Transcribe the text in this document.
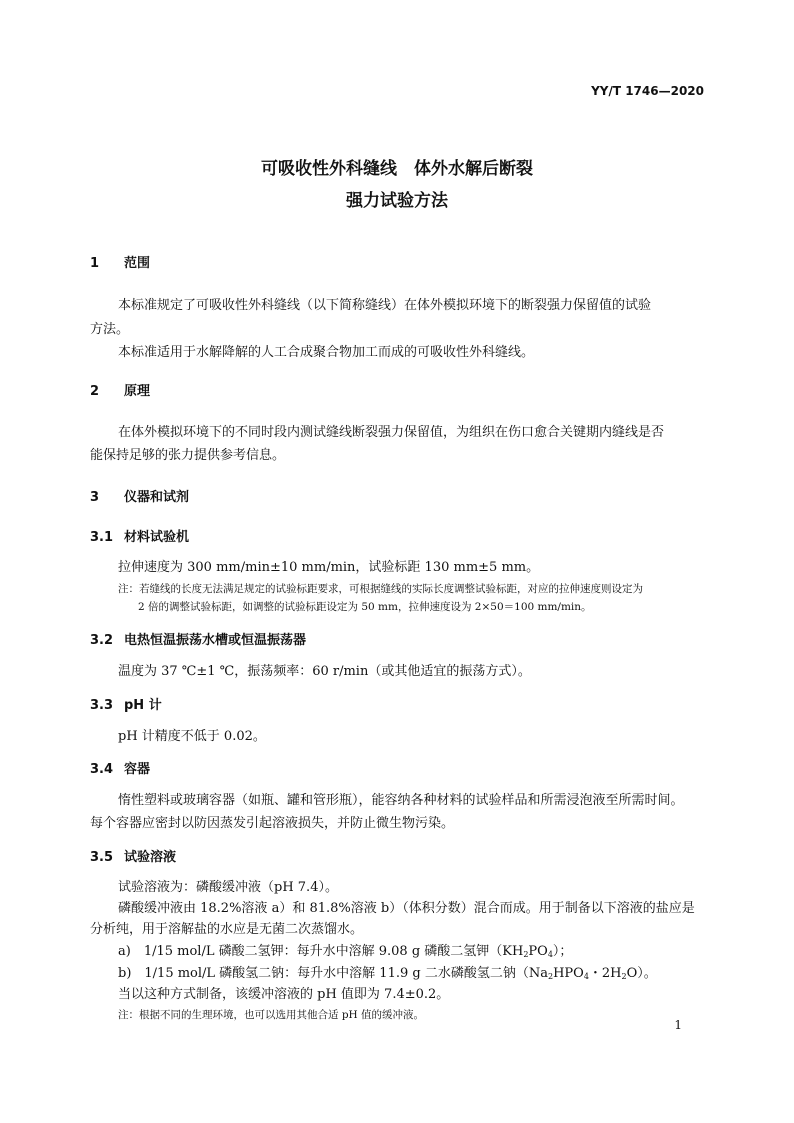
YY/T 1746—2020
可吸收性外科缝线　体外水解后断裂
强力试验方法
1 范围
本标准规定了可吸收性外科缝线（以下简称缝线）在体外模拟环境下的断裂强力保留值的试验
方法。
本标准适用于水解降解的人工合成聚合物加工而成的可吸收性外科缝线。
2 原理
在体外模拟环境下的不同时段内测试缝线断裂强力保留值，为组织在伤口愈合关键期内缝线是否
能保持足够的张力提供参考信息。
3 仪器和试剂
3.1 材料试验机
拉伸速度为 300 mm/min±10 mm/min，试验标距 130 mm±5 mm。
注：若缝线的长度无法满足规定的试验标距要求，可根据缝线的实际长度调整试验标距，对应的拉伸速度则设定为
2 倍的调整试验标距，如调整的试验标距设定为 50 mm，拉伸速度设为 2×50＝100 mm/min。
3.2 电热恒温振荡水槽或恒温振荡器
温度为 37 ℃±1 ℃，振荡频率：60 r/min（或其他适宜的振荡方式）。
3.3 pH 计
pH 计精度不低于 0.02。
3.4 容器
惰性塑料或玻璃容器（如瓶、罐和管形瓶），能容纳各种材料的试验样品和所需浸泡液至所需时间。
每个容器应密封以防因蒸发引起溶液损失，并防止微生物污染。
3.5 试验溶液
试验溶液为：磷酸缓冲液（pH 7.4）。
磷酸缓冲液由 18.2%溶液 a）和 81.8%溶液 b）（体积分数）混合而成。用于制备以下溶液的盐应是
分析纯，用于溶解盐的水应是无菌二次蒸馏水。
a)　1/15 mol/L 磷酸二氢钾：每升水中溶解 9.08 g 磷酸二氢钾$(KH_2PO_4)$；
b)　1/15 mol/L 磷酸氢二钠：每升水中溶解 11.9 g 二水磷酸氢二钠（$Na_2HPO_4$・$2H_2O$）。
当以这种方式制备，该缓冲溶液的 pH 值即为 7.4±0.2。
注：根据不同的生理环境，也可以选用其他合适 pH 值的缓冲液。
1
